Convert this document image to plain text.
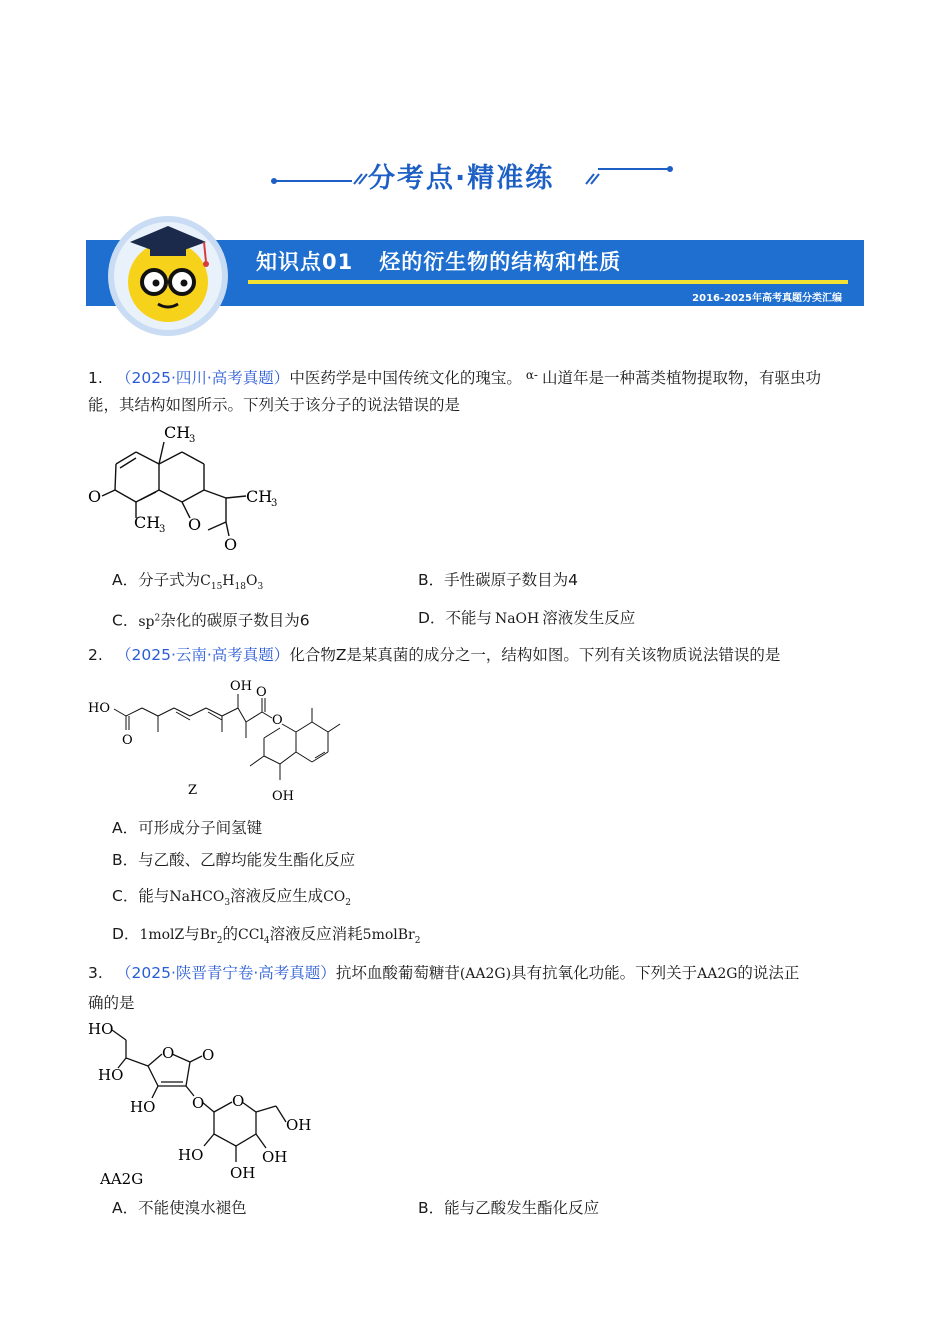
分考点·精准练
知识点01 烃的衍生物的结构和性质
2016-2025年高考真题分类汇编
1. （2025·四川·高考真题）中医药学是中国传统文化的瑰宝。 $^{\alpha-}$ 山道年是一种蒿类植物提取物，有驱虫功
能，其结构如图所示。下列关于该分子的说法错误的是
CH
3
O	CH
3
CH
3 O
O
A．分子式为$C_{15}H_{18}O_3$	B．手性碳原子数目为4
C．$sp^2$杂化的碳原子数目为6	D．不能与 NaOH 溶液发生反应
2. （2025·云南·高考真题）化合物Z是某真菌的成分之一，结构如图。下列有关该物质说法错误的是
HO
O
OH O
O
OH
Z
A．可形成分子间氢键
B．与乙酸、乙醇均能发生酯化反应
C．能与NaHCO$_3$溶液反应生成$CO_2$
D．1molZ与$Br_2$的CCl$_4$溶液反应消耗5molBr$_2$
3. （2025·陕晋青宁卷·高考真题）抗坏血酸葡萄糖苷(AA2G)具有抗氧化功能。下列关于AA2G的说法正
确的是
HO
HO
O O
HO O O
OH
HO	OH
OH
AA2G
A．不能使溴水褪色	B．能与乙酸发生酯化反应
